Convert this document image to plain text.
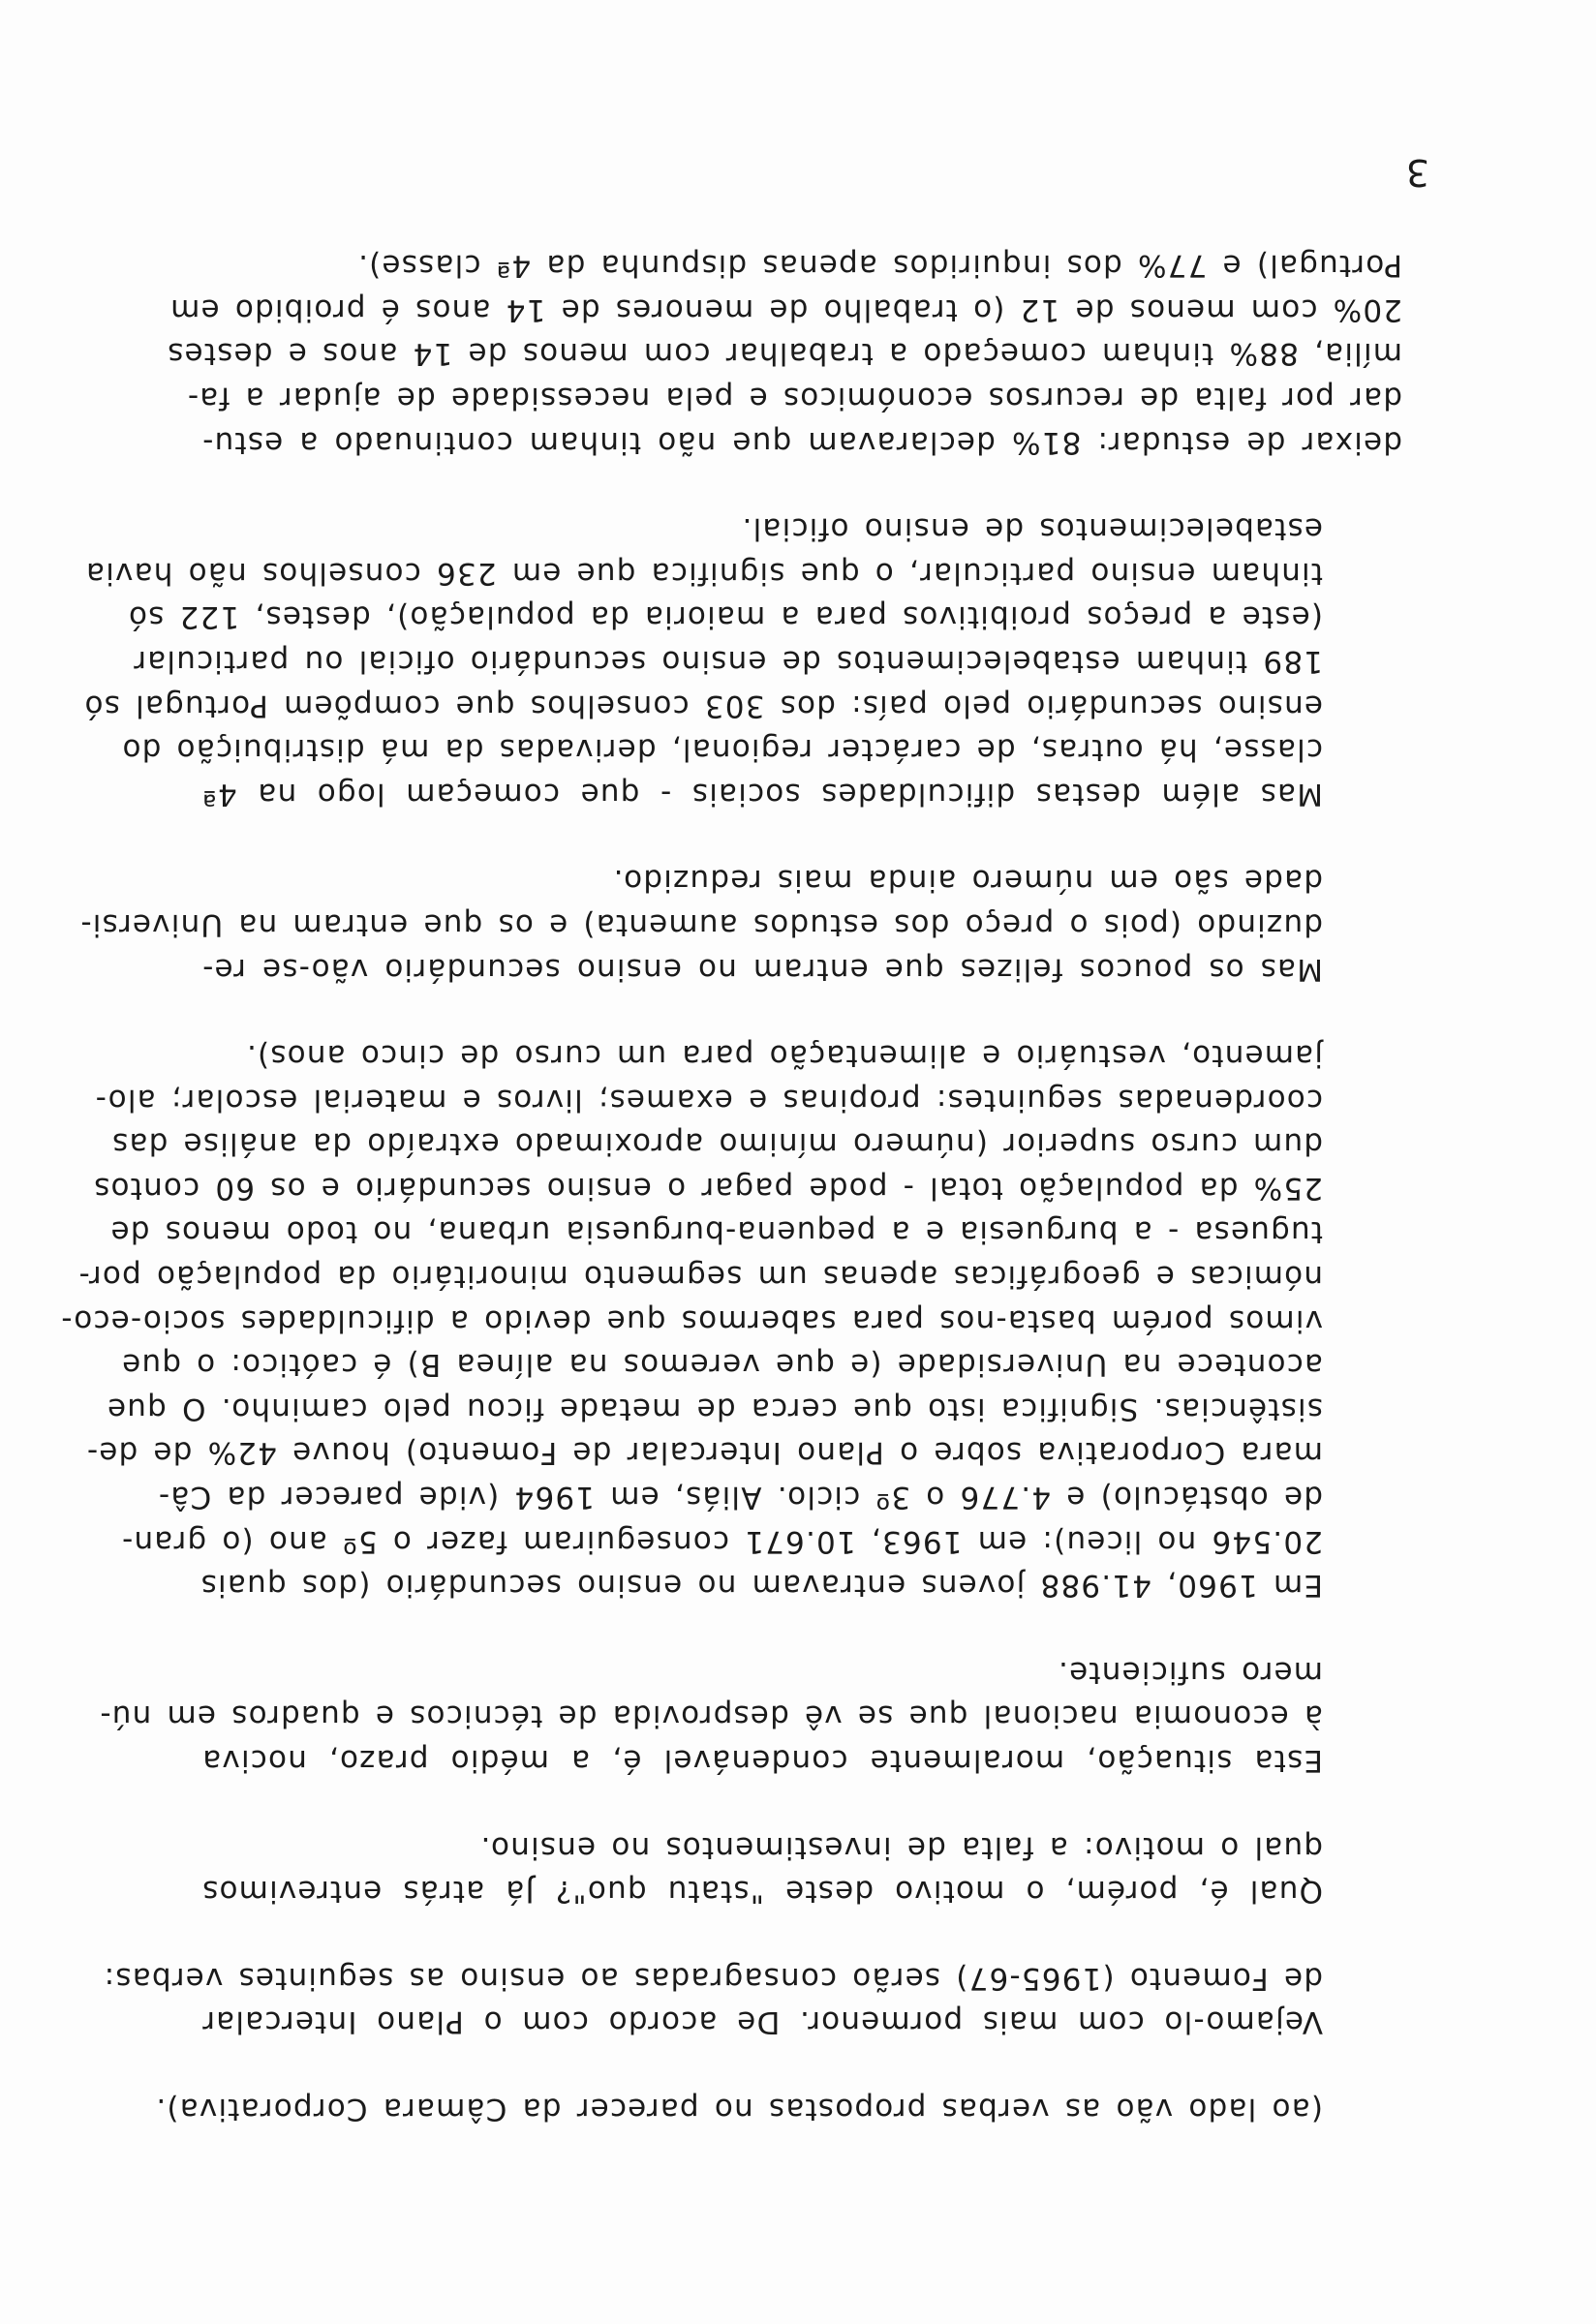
(ao lado vão as verbas propostas no parecer da Câmara Corporativa).

Vejamo-lo com mais pormenor. De acordo com o Plano Intercalar
de Fomento (1965-67) serão consagradas ao ensino as seguintes verbas:

Qual é, porém, o motivo deste "statu quo"? Já atrás entrevimos
qual o motivo: a falta de investimentos no ensino.

Esta situação, moralmente condenável é, a médio prazo, nociva
à economia nacional que se vê desprovida de técnicos e quadros em nú-
mero suficiente.

Em 1960, 41.988 jovens entravam no ensino secundário (dos quais
20.546 no liceu): em 1963, 10.671 conseguiram fazer o 5º ano (o gran-
de obstáculo) e 4.776 o 3º ciclo. Aliás, em 1964 (vide parecer da Câ-
mara Corporativa sobre o Plano Intercalar de Fomento) houve 42% de de-
sistências. Significa isto que cerca de metade ficou pelo caminho. O que
acontece na Universidade (e que veremos na alínea B) é caótico: o que
vimos porém basta-nos para sabermos que devido a dificuldades socio-eco-
nómicas e geográficas apenas um segmento minoritário da população por-
tuguesa - a burguesia e a pequena-burguesia urbana, no todo menos de
25% da população total - pode pagar o ensino secundário e os 60 contos
dum curso superior (número mínimo aproximado extraído da análise das
coordenadas seguintes: propinas e exames; livros e material escolar; alo-
jamento, vestuário e alimentação para um curso de cinco anos).

Mas os poucos felizes que entram no ensino secundário vão-se re-
duzindo (pois o preço dos estudos aumenta) e os que entram na Universi-
dade são em número ainda mais reduzido.

Mas além destas dificuldades sociais - que começam logo na 4ª
classe, há outras, de carácter regional, derivadas da má distribuição do
ensino secundário pelo país: dos 303 conselhos que compõem Portugal só
189 tinham estabelecimentos de ensino secundário oficial ou particular
(este a preços proibitivos para a maioria da população), destes, 122 só
tinham ensino particular, o que significa que em 236 conselhos não havia
estabelecimentos de ensino oficial.

deixar de estudar: 81% declaravam que não tinham continuado a estu-
dar por falta de recursos económicos e pela necessidade de ajudar a fa-
mília, 88% tinham começado a trabalhar com menos de 14 anos e destes
20% com menos de 12 (o trabalho de menores de 14 anos é proibido em
Portugal) e 77% dos inquiridos apenas dispunha da 4ª classe).

3
